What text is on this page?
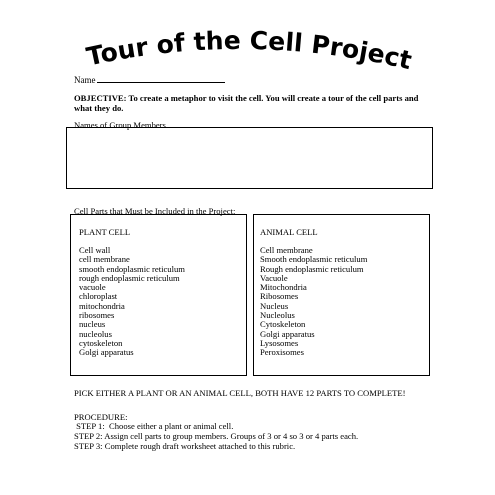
Tour of the Cell Project
Name
OBJECTIVE: To create a metaphor to visit the cell. You will create a tour of the cell parts and what they do.
Names of Group Members
Cell Parts that Must be Included in the Project:
PLANT CELL
Cell wall
cell membrane
smooth endoplasmic reticulum
rough endoplasmic reticulum
vacuole
chloroplast
mitochondria
ribosomes
nucleus
nucleolus
cytoskeleton
Golgi apparatus
ANIMAL CELL
Cell membrane
Smooth endoplasmic reticulum
Rough endoplasmic reticulum
Vacuole
Mitochondria
Ribosomes
Nucleus
Nucleolus
Cytoskeleton
Golgi apparatus
Lysosomes
Peroxisomes
PICK EITHER A PLANT OR AN ANIMAL CELL, BOTH HAVE 12 PARTS TO COMPLETE!
PROCEDURE:
STEP 1:  Choose either a plant or animal cell.
STEP 2: Assign cell parts to group members. Groups of 3 or 4 so 3 or 4 parts each.
STEP 3: Complete rough draft worksheet attached to this rubric.
